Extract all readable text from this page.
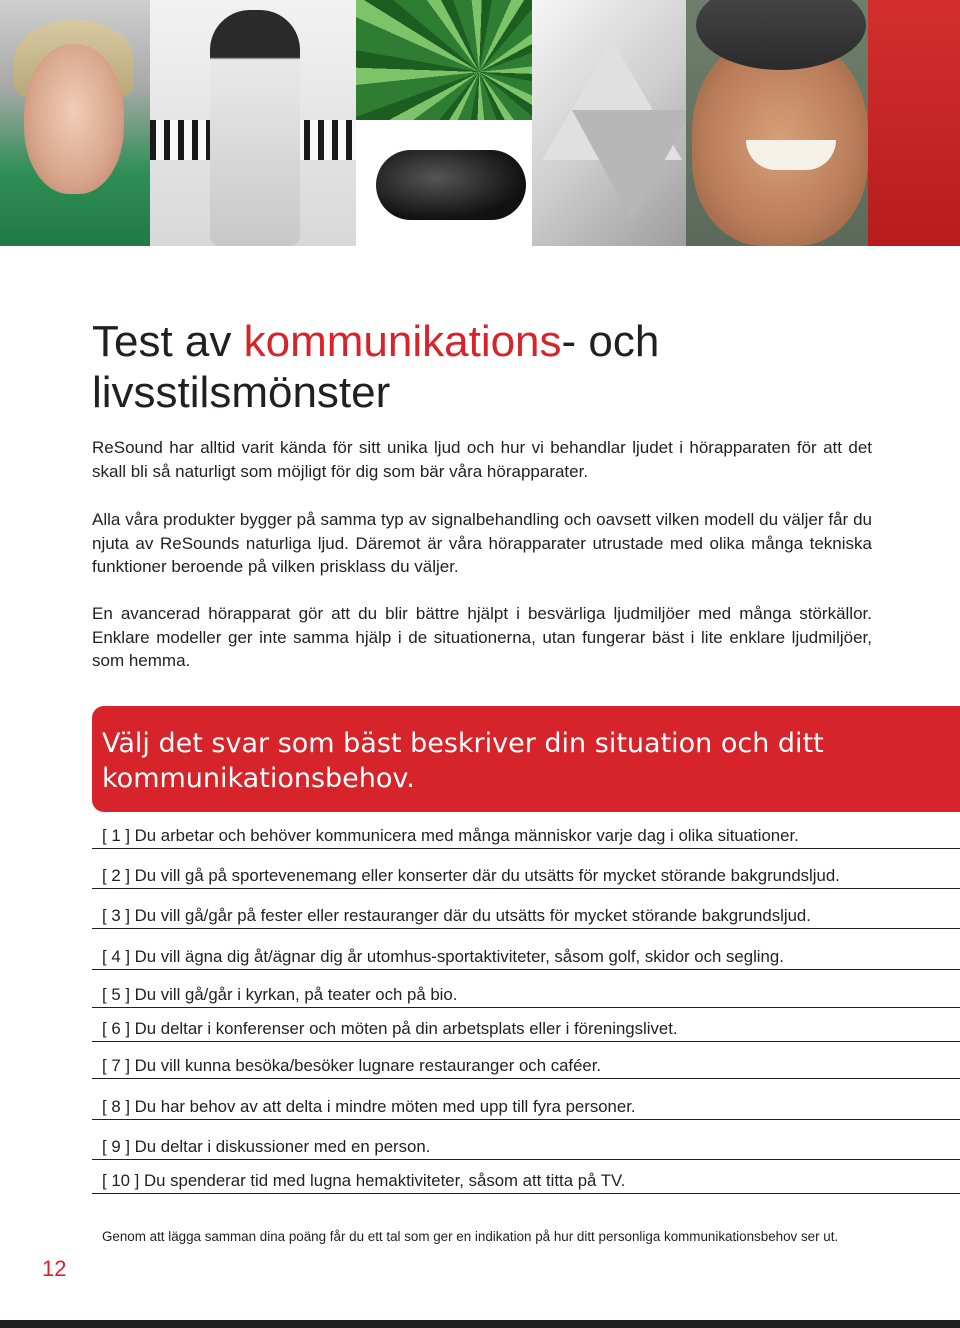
Test av kommunikations- och livsstilsmönster

ReSound har alltid varit kända för sitt unika ljud och hur vi behandlar ljudet i hörapparaten för att det skall bli så naturligt som möjligt för dig som bär våra hörapparater.

Alla våra produkter bygger på samma typ av signalbehandling och oavsett vilken modell du väljer får du njuta av ReSounds naturliga ljud. Däremot är våra hörapparater utrustade med olika många tekniska funktioner beroende på vilken prisklass du väljer.

En avancerad hörapparat gör att du blir bättre hjälpt i besvärliga ljudmiljöer med många störkällor. Enklare modeller ger inte samma hjälp i de situationerna, utan fungerar bäst i lite enklare ljudmiljöer, som hemma.

Välj det svar som bäst beskriver din situation och ditt kommunikationsbehov.
[ 1 ] Du arbetar och behöver kommunicera med många människor varje dag i olika situationer.
[ 2 ] Du vill gå på sportevenemang eller konserter där du utsätts för mycket störande bakgrundsljud.
[ 3 ] Du vill gå/går på fester eller restauranger där du utsätts för mycket störande bakgrundsljud.
[ 4 ] Du vill ägna dig åt/ägnar dig år utomhus-sportaktiviteter, såsom golf, skidor och segling.
[ 5 ] Du vill gå/går i kyrkan, på teater och på bio.
[ 6 ] Du deltar i konferenser och möten på din arbetsplats eller i föreningslivet.
[ 7 ] Du vill kunna besöka/besöker lugnare restauranger och caféer.
[ 8 ] Du har behov av att delta i mindre möten med upp till fyra personer.
[ 9 ] Du deltar i diskussioner med en person.
[ 10 ] Du spenderar tid med lugna hemaktiviteter, såsom att titta på TV.

Genom att lägga samman dina poäng får du ett tal som ger en indikation på hur ditt personliga kommunikationsbehov ser ut.

12
